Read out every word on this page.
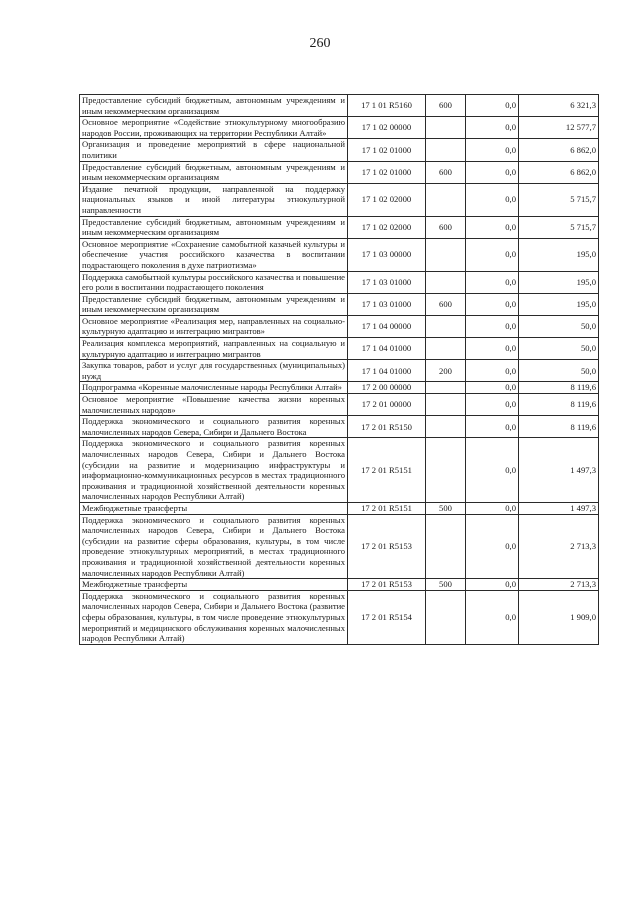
260
Предоставление субсидий бюджетным, автономным учреждениям и иным некоммерческим организациям	17 1 01 R5160	600	0,0	6 321,3
Основное мероприятие «Содействие этнокультурному многообразию народов России, проживающих на территории Республики Алтай»	17 1 02 00000		0,0	12 577,7
Организация и проведение мероприятий в сфере национальной политики	17 1 02 01000		0,0	6 862,0
Предоставление субсидий бюджетным, автономным учреждениям и иным некоммерческим организациям	17 1 02 01000	600	0,0	6 862,0
Издание печатной продукции, направленной на поддержку национальных языков и иной литературы этнокультурной направленности	17 1 02 02000		0,0	5 715,7
Предоставление субсидий бюджетным, автономным учреждениям и иным некоммерческим организациям	17 1 02 02000	600	0,0	5 715,7
Основное мероприятие «Сохранение самобытной казачьей культуры и обеспечение участия российского казачества в воспитании подрастающего поколения в духе патриотизма»	17 1 03 00000		0,0	195,0
Поддержка самобытной культуры российского казачества и повышение его роли в воспитании подрастающего поколения	17 1 03 01000		0,0	195,0
Предоставление субсидий бюджетным, автономным учреждениям и иным некоммерческим организациям	17 1 03 01000	600	0,0	195,0
Основное мероприятие «Реализация мер, направленных на социально-культурную адаптацию и интеграцию мигрантов»	17 1 04 00000		0,0	50,0
Реализация комплекса мероприятий, направленных на социальную и культурную адаптацию и интеграцию мигрантов	17 1 04 01000		0,0	50,0
Закупка товаров, работ и услуг для государственных (муниципальных) нужд	17 1 04 01000	200	0,0	50,0
Подпрограмма «Коренные малочисленные народы Республики Алтай»	17 2 00 00000		0,0	8 119,6
Основное мероприятие «Повышение качества жизни коренных малочисленных народов»	17 2 01 00000		0,0	8 119,6
Поддержка экономического и социального развития коренных малочисленных народов Севера, Сибири и Дальнего Востока	17 2 01 R5150		0,0	8 119,6
Поддержка экономического и социального развития коренных малочисленных народов Севера, Сибири и Дальнего Востока (субсидии на развитие и модернизацию инфраструктуры и информационно-коммуникационных ресурсов в местах традиционного проживания и традиционной хозяйственной деятельности коренных малочисленных народов Республики Алтай)	17 2 01 R5151		0,0	1 497,3
Межбюджетные трансферты	17 2 01 R5151	500	0,0	1 497,3
Поддержка экономического и социального развития коренных малочисленных народов Севера, Сибири и Дальнего Востока (субсидии на развитие сферы образования, культуры, в том числе проведение этнокультурных мероприятий, в местах традиционного проживания и традиционной хозяйственной деятельности коренных малочисленных народов Республики Алтай)	17 2 01 R5153		0,0	2 713,3
Межбюджетные трансферты	17 2 01 R5153	500	0,0	2 713,3
Поддержка экономического и социального развития коренных малочисленных народов Севера, Сибири и Дальнего Востока (развитие сферы образования, культуры, в том числе проведение этнокультурных мероприятий и медицинского обслуживания коренных малочисленных народов Республики Алтай)	17 2 01 R5154		0,0	1 909,0
